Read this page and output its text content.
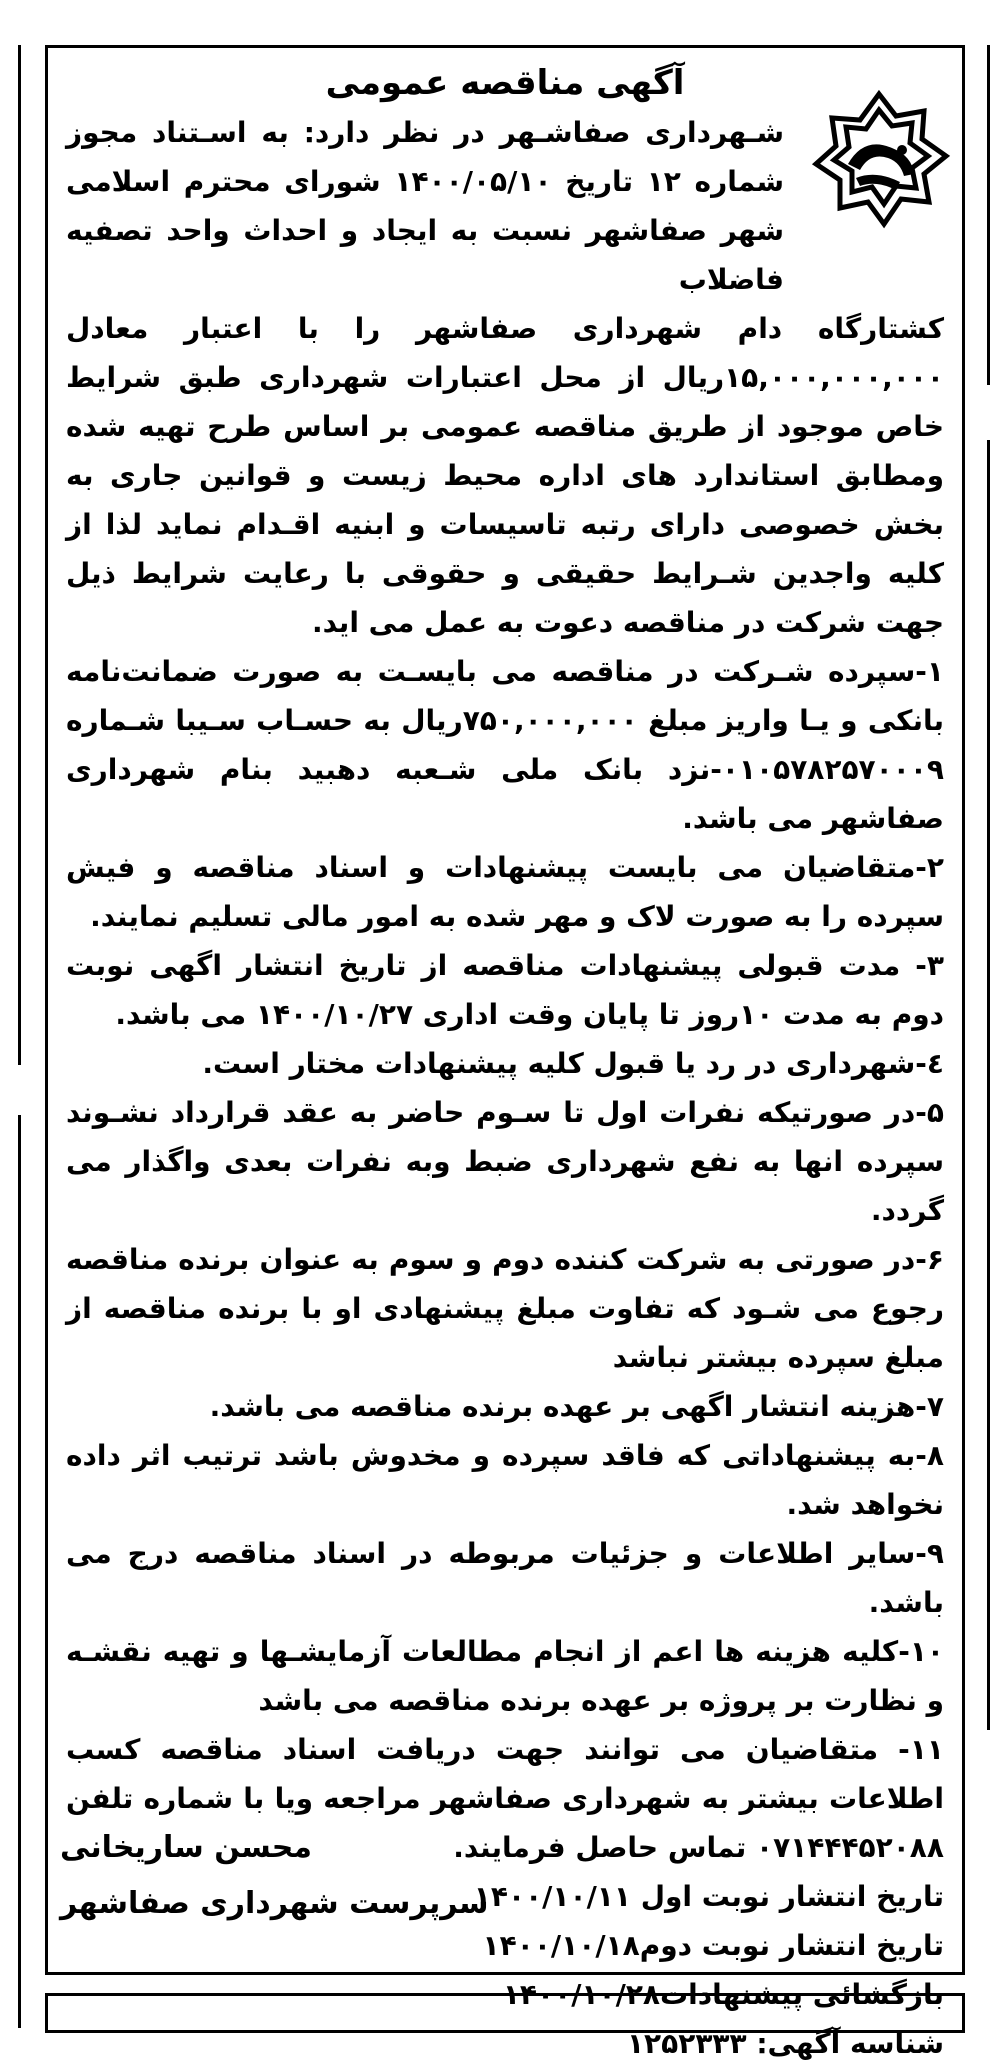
آگهی مناقصه عمومی

شـهرداری صفاشـهر در نظر دارد: به اسـتناد مجوز شماره ۱۲ تاریخ ۱۴۰۰/۰۵/۱۰ شورای محترم اسلامی شهر صفاشهر نسبت به ایجاد و احداث واحد تصفیه فاضلاب

کشتارگاه دام شهرداری صفاشهر را با اعتبار معادل ۱۵,۰۰۰,۰۰۰,۰۰۰ریال از محل اعتبارات شهرداری طبق شرایط خاص موجود از طریق مناقصه عمومی بر اساس طرح تهیه شده ومطابق استاندارد های اداره محیط زیست و قوانین جاری به بخش خصوصی دارای رتبه تاسیسات و ابنیه اقـدام نماید لذا از کلیه واجدین شـرایط حقیقی و حقوقی با رعایت شرایط ذیل جهت شرکت در مناقصه دعوت به عمل می اید.

۱-سپرده شـرکت در مناقصه می بایسـت به صورت ضمانت‌نامه بانکی و یـا واریز مبلغ ۷۵۰,۰۰۰,۰۰۰ریال به حسـاب سـیبا شـماره ۰۱۰۵۷۸۲۵۷۰۰۰۹-نزد بانک ملی شـعبه دهبید بنام شهرداری صفاشهر می باشد.

۲-متقاضیان می بایست پیشنهادات و اسناد مناقصه و فیش سپرده را به صورت لاک و مهر شده به امور مالی تسلیم نمایند.

۳- مدت قبولی پیشنهادات مناقصه از تاریخ انتشار اگهی نوبت دوم به مدت ۱۰روز تا پایان وقت اداری ۱۴۰۰/۱۰/۲۷ می باشد.

٤-شهرداری در رد یا قبول کلیه پیشنهادات مختار است.

۵-در صورتیکه نفرات اول تا سـوم حاضر به عقد قرارداد نشـوند سپرده انها به نفع شهرداری ضبط وبه نفرات بعدی واگذار می گردد.

۶-در صورتی به شرکت کننده دوم و سوم به عنوان برنده مناقصه رجوع می شـود که تفاوت مبلغ پیشنهادی او با برنده مناقصه از مبلغ سپرده بیشتر نباشد

۷-هزینه انتشار اگهی بر عهده برنده مناقصه می باشد.

۸-به پیشنهاداتی که فاقد سپرده و مخدوش باشد ترتیب اثر داده نخواهد شد.

۹-سایر اطلاعات و جزئیات مربوطه در اسناد مناقصه درج می باشد.

۱۰-کلیه هزینه ها اعم از انجام مطالعات آزمایشـها و تهیه نقشـه و نظارت بر پروژه بر عهده برنده مناقصه می باشد

۱۱- متقاضیان می توانند جهت دریافت اسناد مناقصه کسب اطلاعات بیشتر به شهرداری صفاشهر مراجعه ویا با شماره تلفن ۰۷۱۴۴۴۵۲۰۸۸ تماس حاصل فرمایند.

تاریخ انتشار نوبت اول ۱۴۰۰/۱۰/۱۱

تاریخ انتشار نوبت دوم۱۴۰۰/۱۰/۱۸

بازگشائی پیشنهادات۱۴۰۰/۱۰/۲۸

شناسه آگهی: ۱۲۵۲۳۳۳

محسن ساریخانی
سرپرست شهرداری صفاشهر
